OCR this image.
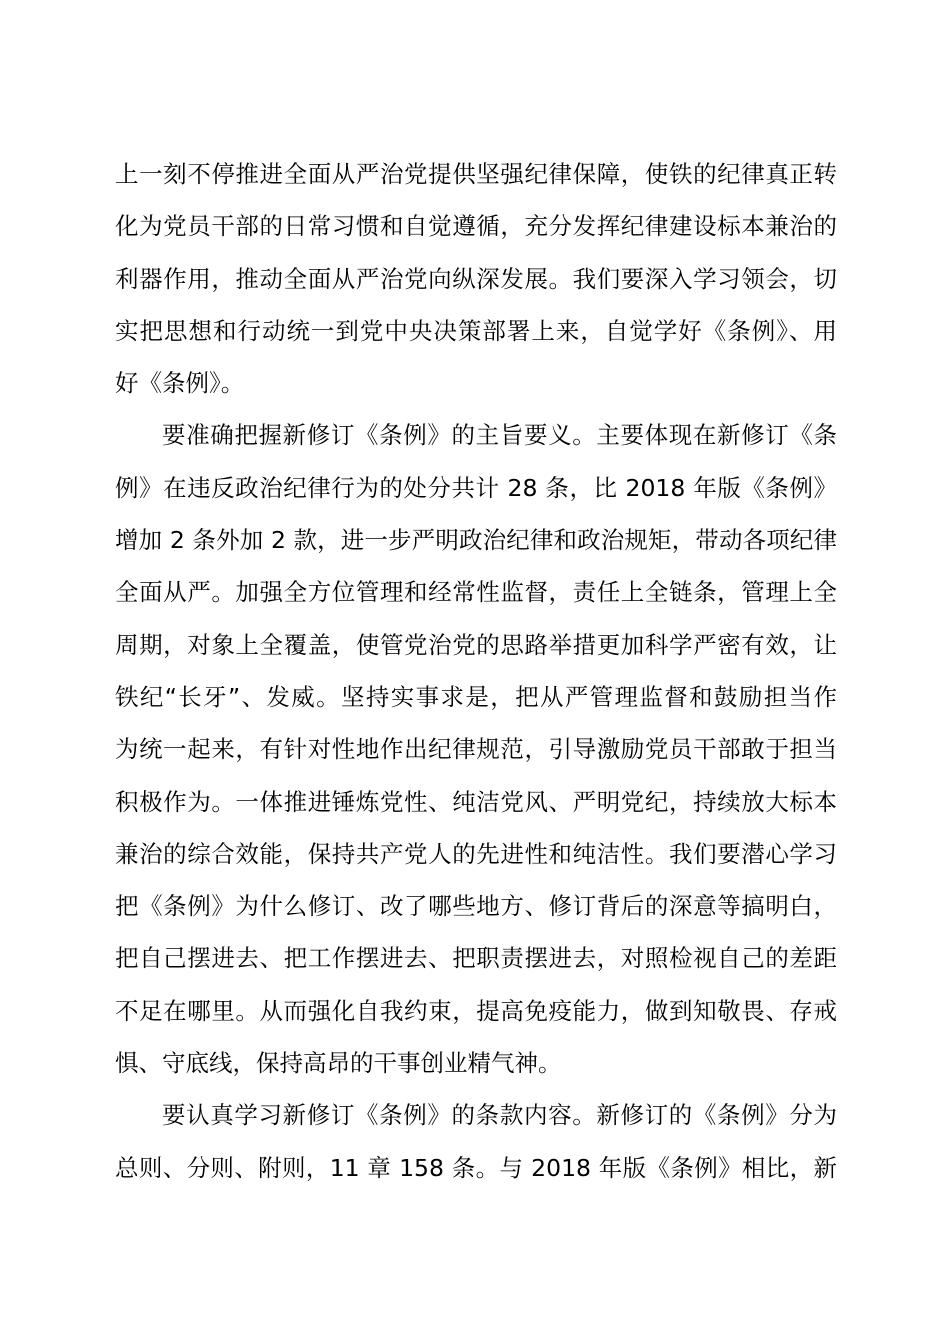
上一刻不停推进全面从严治党提供坚强纪律保障，使铁的纪律真正转
化为党员干部的日常习惯和自觉遵循，充分发挥纪律建设标本兼治的
利器作用，推动全面从严治党向纵深发展。我们要深入学习领会，切
实把思想和行动统一到党中央决策部署上来，自觉学好《条例》、用
好《条例》。
要准确把握新修订《条例》的主旨要义。主要体现在新修订《条
例》在违反政治纪律行为的处分共计 28 条，比 2018 年版《条例》
增加 2 条外加 2 款，进一步严明政治纪律和政治规矩，带动各项纪律
全面从严。加强全方位管理和经常性监督，责任上全链条，管理上全
周期，对象上全覆盖，使管党治党的思路举措更加科学严密有效，让
铁纪“长牙”、发威。坚持实事求是，把从严管理监督和鼓励担当作
为统一起来，有针对性地作出纪律规范，引导激励党员干部敢于担当
积极作为。一体推进锤炼党性、纯洁党风、严明党纪，持续放大标本
兼治的综合效能，保持共产党人的先进性和纯洁性。我们要潜心学习
把《条例》为什么修订、改了哪些地方、修订背后的深意等搞明白，
把自己摆进去、把工作摆进去、把职责摆进去，对照检视自己的差距
不足在哪里。从而强化自我约束，提高免疫能力，做到知敬畏、存戒
惧、守底线，保持高昂的干事创业精气神。
要认真学习新修订《条例》的条款内容。新修订的《条例》分为
总则、分则、附则，11 章 158 条。与 2018 年版《条例》相比，新
